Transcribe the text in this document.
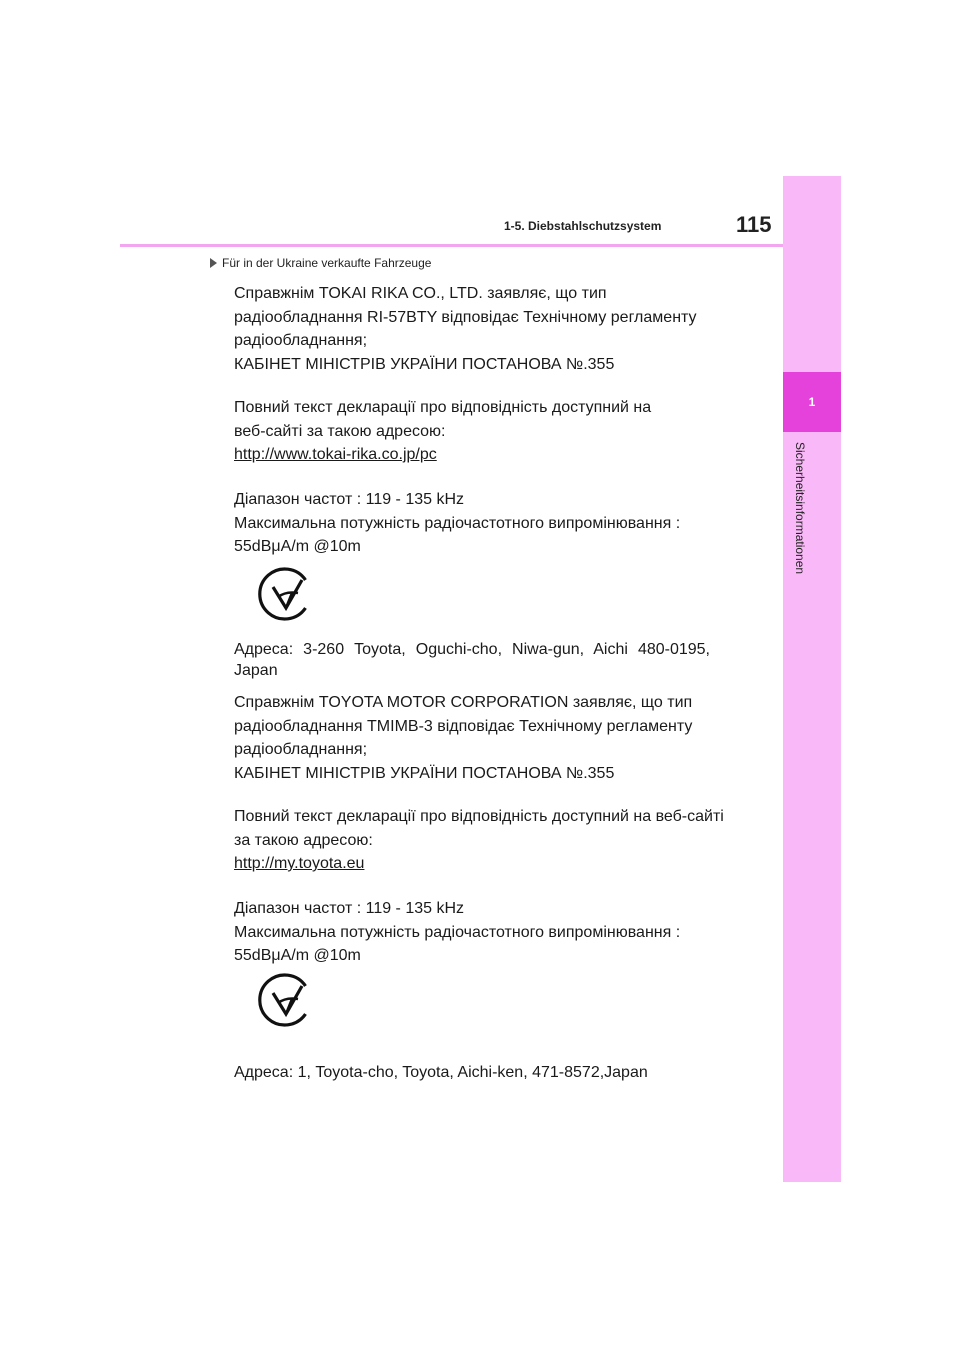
1
Sicherheitsinformationen
1-5. Diebstahlschutzsystem	115
Für in der Ukraine verkaufte Fahrzeuge
Справжнім TOKAI RIKA CO., LTD. заявляє, що тип
радіообладнання RI-57BTY відповідає Технічному регламенту
радіообладнання;
КАБІНЕТ МІНІСТРІВ УКРАЇНИ ПОСТАНОВА №.355
Повний текст декларації про відповідність доступний на
веб-сайті за такою адресою:
http://www.tokai-rika.co.jp/pc
Діапазон частот : 119 - 135 kHz
Максимальна потужність радіочастотного випромінювання :
55dBμA/m @10m
Адреса: 3-260 Toyota, Oguchi-cho, Niwa-gun, Aichi 480-0195, Japan
Справжнім TOYOTA MOTOR CORPORATION заявляє, що тип
радіообладнання TMIMB-3 відповідає Технічному регламенту
радіообладнання;
КАБІНЕТ МІНІСТРІВ УКРАЇНИ ПОСТАНОВА №.355
Повний текст декларації про відповідність доступний на веб-сайті
за такою адресою:
http://my.toyota.eu
Діапазон частот : 119 - 135 kHz
Максимальна потужність радіочастотного випромінювання :
55dBμA/m @10m
Адреса: 1, Toyota-cho, Toyota, Aichi-ken, 471-8572,Japan
